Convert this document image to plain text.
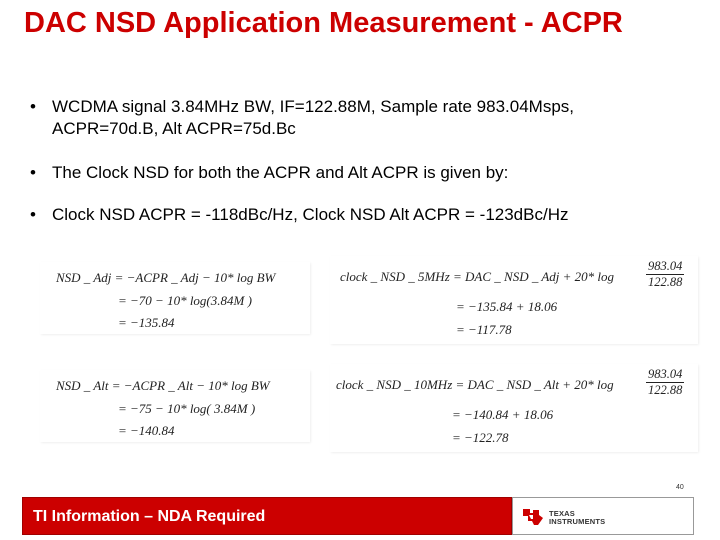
DAC NSD Application Measurement - ACPR
• WCDMA signal 3.84MHz BW, IF=122.88M, Sample rate 983.04Msps,
ACPR=70d.B, Alt ACPR=75d.Bc
• The Clock NSD for both the ACPR and Alt ACPR is given by:
• Clock NSD ACPR = -118dBc/Hz, Clock NSD Alt ACPR = -123dBc/Hz
NSD _ Adj = −ACPR _ Adj − 10* log BW
= −70 − 10* log(3.84M )
= −135.84
clock _ NSD _ 5MHz = DAC _ NSD _ Adj + 20* log	$\frac{983.04}{122.88}$
= −135.84 + 18.06
= −117.78
NSD _ Alt = −ACPR _ Alt − 10* log BW
= −75 − 10* log( 3.84M )
= −140.84
clock _ NSD _ 10MHz = DAC _ NSD _ Alt + 20* log	$\frac{983.04}{122.88}$
= −140.84 + 18.06
= −122.78
40
TI Information – NDA Required	TEXAS
INSTRUMENTS
